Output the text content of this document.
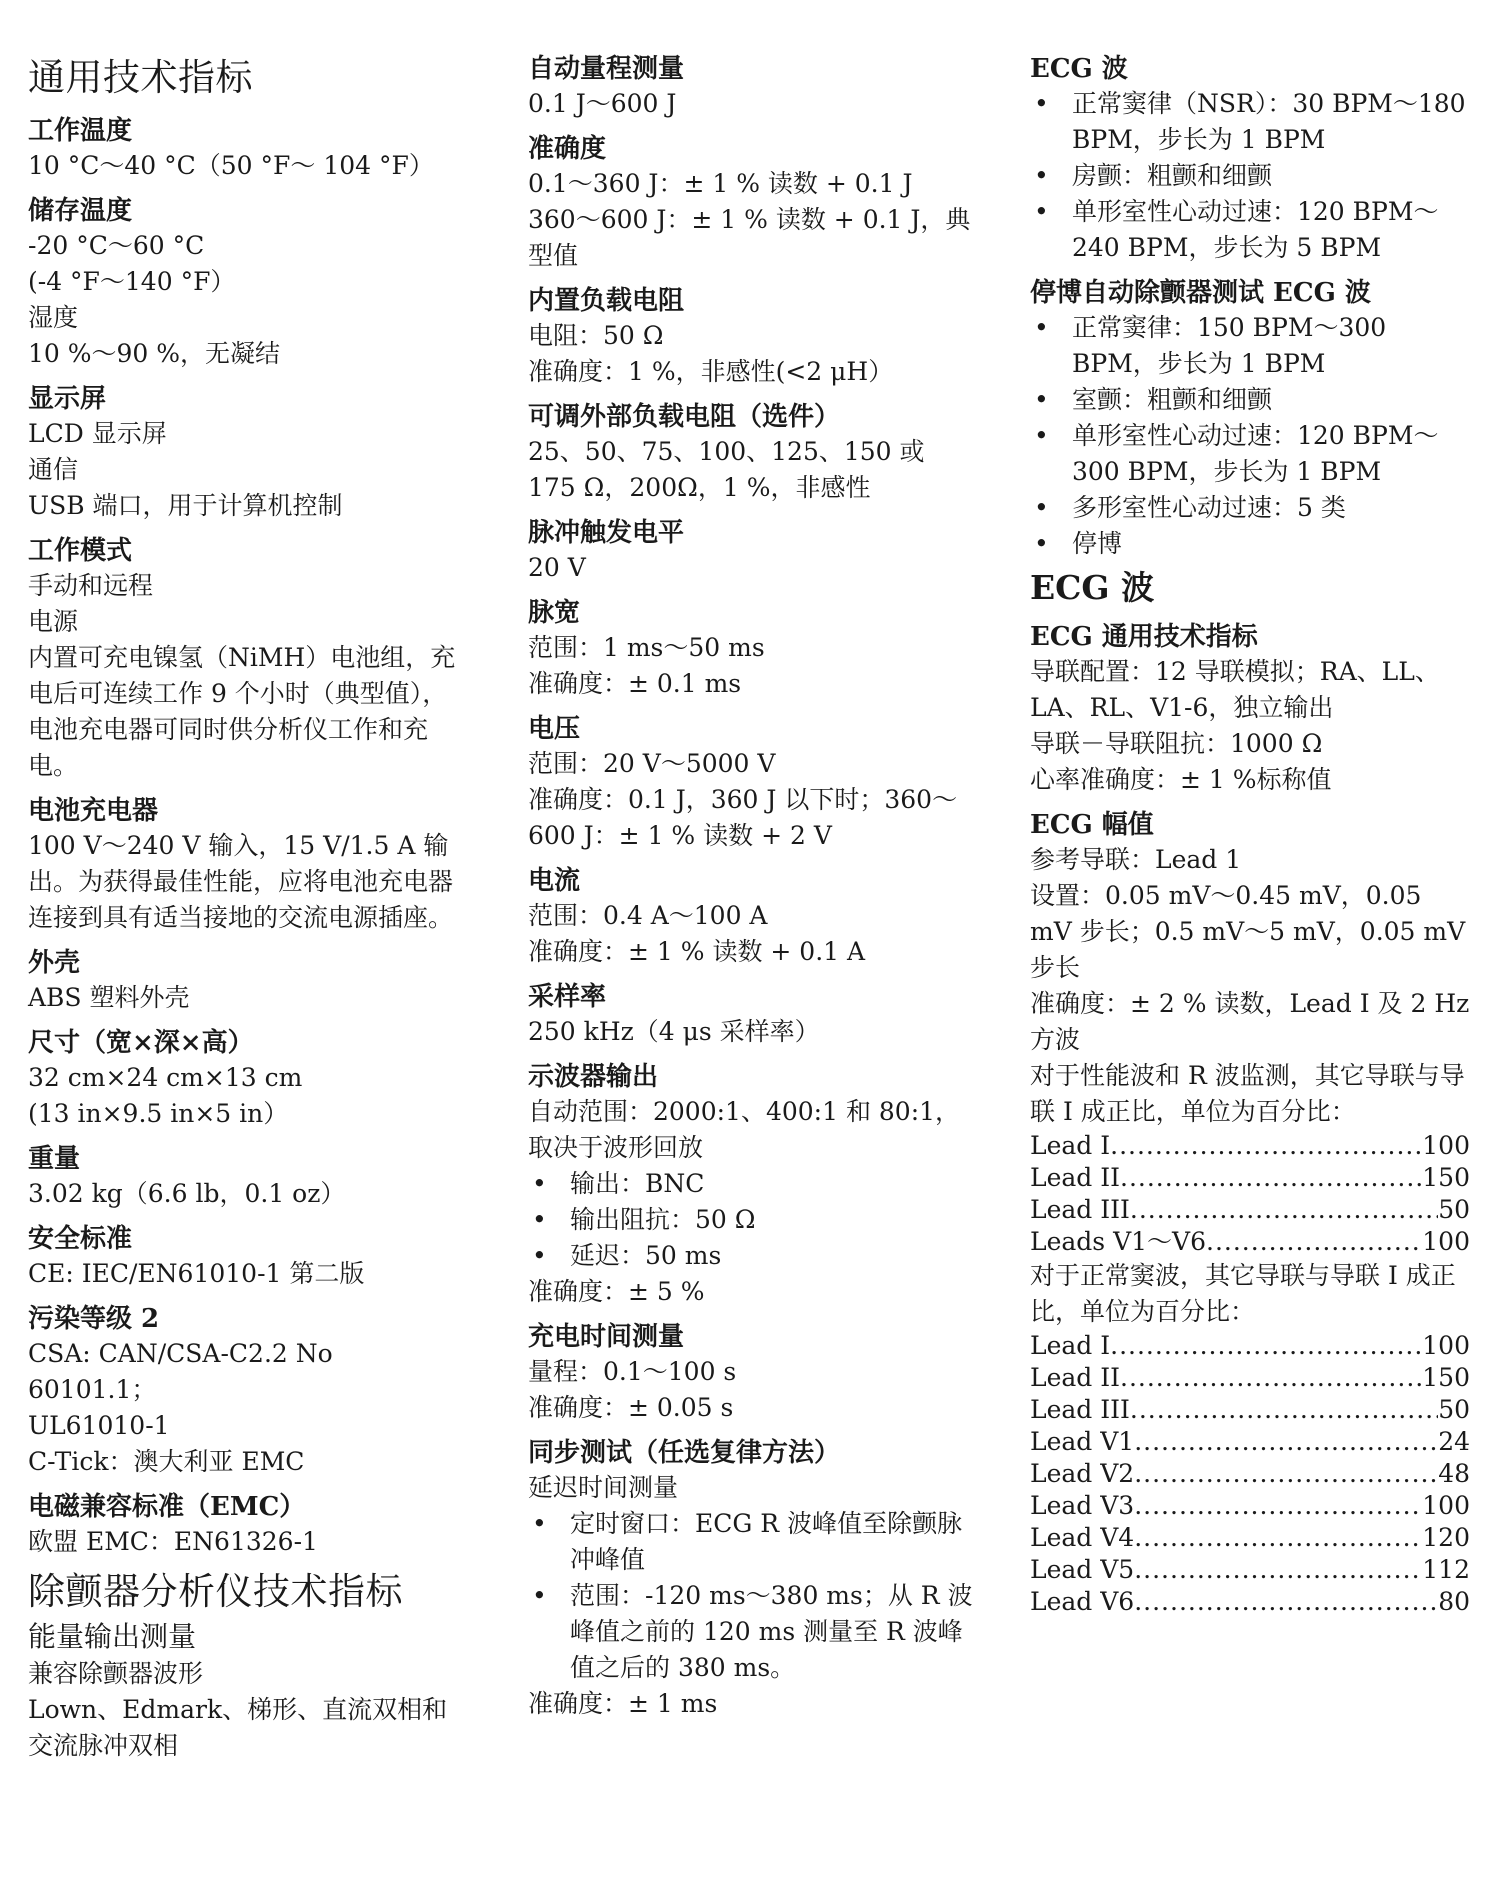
通用技术指标
工作温度
10 °C～40 °C（50 °F～ 104 °F）
储存温度
-20 °C～60 °C
(-4 °F～140 °F）
湿度
10 %～90 %，无凝结
显示屏
LCD 显示屏
通信
USB 端口，用于计算机控制
工作模式
手动和远程
电源
内置可充电镍氢（NiMH）电池组，充电后可连续工作 9 个小时（典型值），电池充电器可同时供分析仪工作和充电。
电池充电器
100 V～240 V 输入，15 V/1.5 A 输出。为获得最佳性能，应将电池充电器连接到具有适当接地的交流电源插座。
外壳
ABS 塑料外壳
尺寸（宽×深×高）
32 cm×24 cm×13 cm
(13 in×9.5 in×5 in）
重量
3.02 kg（6.6 lb，0.1 oz）
安全标准
CE: IEC/EN61010-1 第二版
污染等级 2
CSA: CAN/CSA-C2.2 No 60101.1；
UL61010-1
C-Tick：澳大利亚 EMC
电磁兼容标准（EMC）
欧盟 EMC：EN61326-1
除颤器分析仪技术指标
能量输出测量
兼容除颤器波形
Lown、Edmark、梯形、直流双相和交流脉冲双相
自动量程测量
0.1 J～600 J
准确度
0.1～360 J：± 1 % 读数 + 0.1 J
360～600 J：± 1 % 读数 + 0.1 J，典型值
内置负载电阻
电阻：50 Ω
准确度：1 %，非感性(<2 μH）
可调外部负载电阻（选件）
25、50、75、100、125、150 或 175 Ω，200Ω，1 %，非感性
脉冲触发电平
20 V
脉宽
范围：1 ms～50 ms
准确度：± 0.1 ms
电压
范围：20 V～5000 V
准确度：0.1 J，360 J 以下时；360～600 J：± 1 % 读数 + 2 V
电流
范围：0.4 A～100 A
准确度：± 1 % 读数 + 0.1 A
采样率
250 kHz（4 μs 采样率）
示波器输出
自动范围：2000:1、400:1 和 80:1，取决于波形回放
• 输出：BNC
• 输出阻抗：50 Ω
• 延迟：50 ms
准确度：± 5 %
充电时间测量
量程：0.1～100 s
准确度：± 0.05 s
同步测试（任选复律方法）
延迟时间测量
• 定时窗口：ECG R 波峰值至除颤脉冲峰值
• 范围：-120 ms～380 ms；从 R 波峰值之前的 120 ms 测量至 R 波峰值之后的 380 ms。
准确度：± 1 ms
ECG 波
• 正常窦律（NSR）：30 BPM～180 BPM，步长为 1 BPM
• 房颤：粗颤和细颤
• 单形室性心动过速：120 BPM～240 BPM，步长为 5 BPM
停博自动除颤器测试 ECG 波
• 正常窦律：150 BPM～300 BPM，步长为 1 BPM
• 室颤：粗颤和细颤
• 单形室性心动过速：120 BPM～300 BPM，步长为 1 BPM
• 多形室性心动过速：5 类
• 停博
ECG 波
ECG 通用技术指标
导联配置：12 导联模拟；RA、LL、LA、RL、V1-6，独立输出
导联－导联阻抗：1000 Ω
心率准确度：± 1 %标称值
ECG 幅值
参考导联：Lead 1
设置：0.05 mV～0.45 mV，0.05 mV 步长；0.5 mV～5 mV，0.05 mV 步长
准确度：± 2 % 读数，Lead I 及 2 Hz 方波
对于性能波和 R 波监测，其它导联与导联 I 成正比，单位为百分比：
Lead I .....	100
Lead II .....	150
Lead III .....	50
Leads V1～V6 .....	100
对于正常窦波，其它导联与导联 I 成正比，单位为百分比：
Lead I .....	100
Lead II .....	150
Lead III .....	50
Lead V1 .....	24
Lead V2 .....	48
Lead V3 .....	100
Lead V4 .....	120
Lead V5 .....	112
Lead V6 .....	80
